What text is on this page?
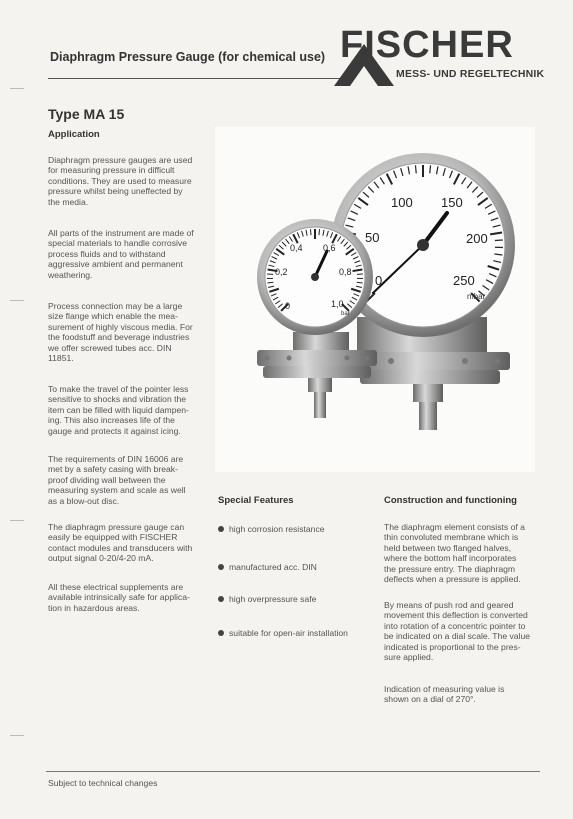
Diaphragm Pressure Gauge (for chemical use) FISCHER
MESS- UND REGELTECHNIK
Type MA 15
Application
Diaphragm pressure gauges are used
for measuring pressure in difficult
conditions. They are used to measure
pressure whilst being uneffected by
the media.
All parts of the instrument are made of
special materials to handle corrosive
process fluids and to withstand
aggressive ambient and permanent
weathering.
Process connection may be a large
size flange which enable the mea-
surement of highly viscous media. For
the foodstuff and beverage industries
we offer screwed tubes acc. DIN
11851.
To make the travel of the pointer less
sensitive to shocks and vibration the
item can be filled with liquid dampen-
ing. This also increases life of the
gauge and protects it against icing.
The requirements of DIN 16006 are
met by a safety casing with break-
proof dividing wall between the
measuring system and scale as well
as a blow-out disc.
The diaphragm pressure gauge can
easily be equipped with FISCHER
contact modules and transducers with
output signal 0-20/4-20 mA.
All these electrical supplements are
available intrinsically safe for applica-
tion in hazardous areas.
0
50
100 150
200
250
mbar
0
0,2
0,4 0,6
0,8
1,0
bar
Special Features
high corrosion resistance
manufactured acc. DIN
high overpressure safe
suitable for open-air installation
Construction and functioning
The diaphragm element consists of a
thin convoluted membrane which is
held between two flanged halves,
where the bottom half incorporates
the pressure entry. The diaphragm
deflects when a pressure is applied.
By means of push rod and geared
movement this deflection is converted
into rotation of a concentric pointer to
be indicated on a dial scale. The value
indicated is proportional to the pres-
sure applied.
Indication of measuring value is
shown on a dial of 270°.
Subject to technical changes
